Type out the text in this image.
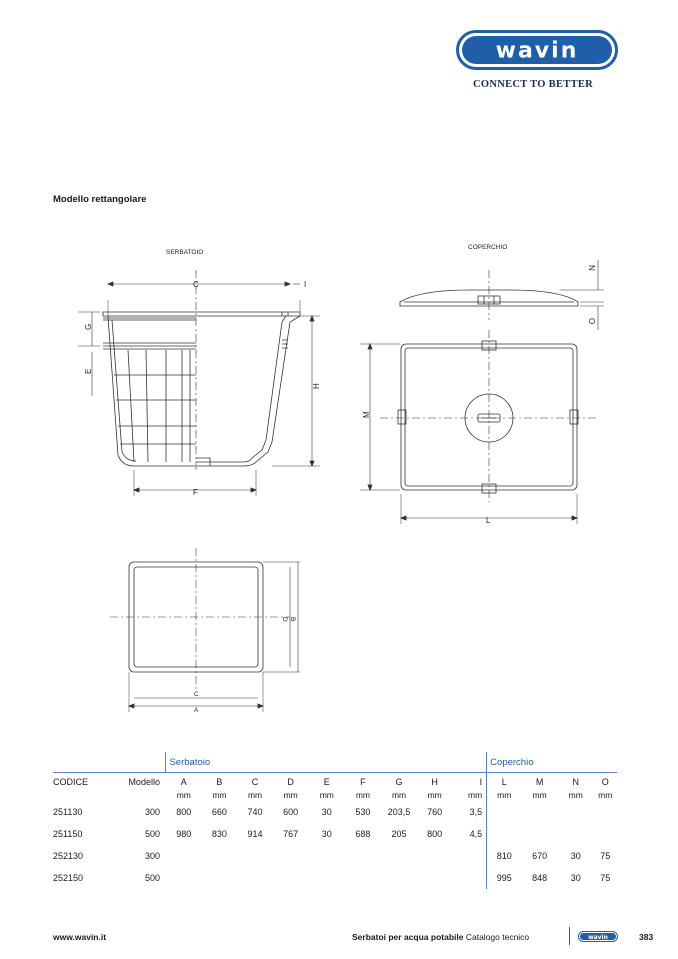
wavin
CONNECT TO BETTER
Modello rettangolare
SERBATOIO
COPERCHIO
C	I
G
E
H
F
N
O
M
L
D B
C
A
		Serbatoio									Coperchio			
CODICE	Modello	A	B	C	D	E	F	G	H	I	L	M	N	O
		mm	mm	mm	mm	mm	mm	mm	mm	mm	mm	mm	mm	mm
251130	300	800	660	740	600	30	530	203,5	760	3,5				
251150	500	980	830	914	767	30	688	205	800	4,5				
252130	300										810	670	30	75
252150	500										995	848	30	75
www.wavin.it	Serbatoi per acqua potabile Catalogo tecnico	wavin	383
